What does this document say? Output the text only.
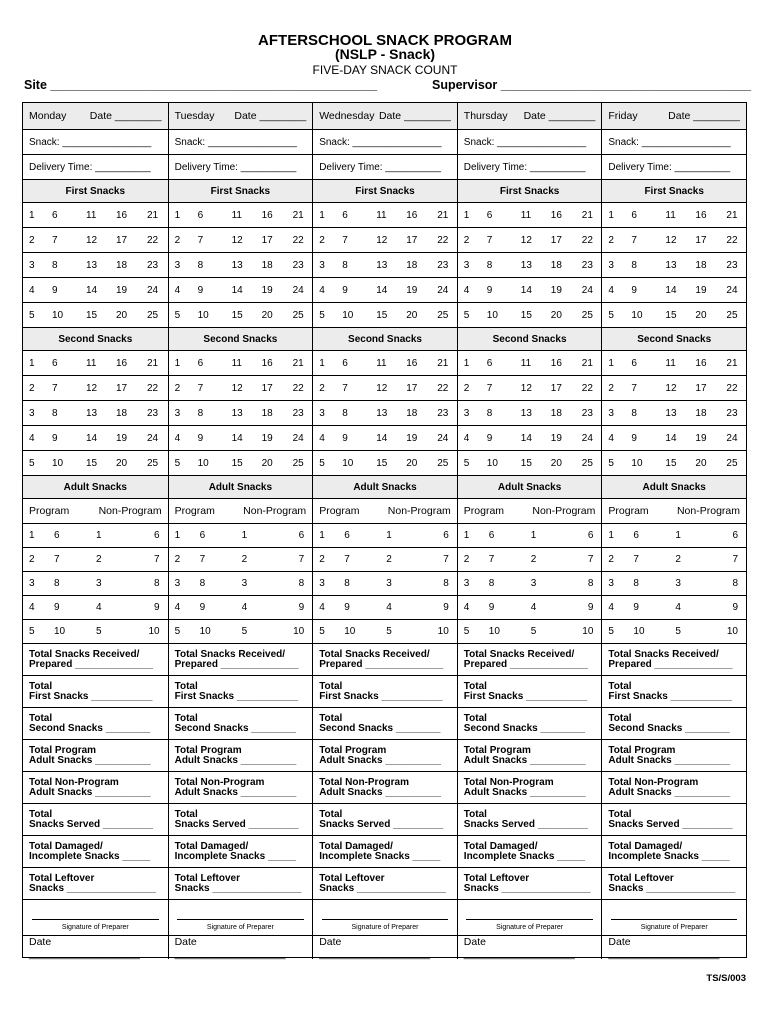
AFTERSCHOOL SNACK PROGRAM
(NSLP - Snack)
FIVE-DAY SNACK COUNT
Site _______________________________________________	Supervisor ____________________________________
Monday Date ________
Snack: ________________
Delivery Time: __________
First Snacks
1	6	11	16	21
2	7	12	17	22
3	8	13	18	23
4	9	14	19	24
5	10	15	20	25
Second Snacks
1	6	11	16	21
2	7	12	17	22
3	8	13	18	23
4	9	14	19	24
5	10	15	20	25
Adult Snacks
Program	Non-Program
1	6	1	6
2	7	2	7
3	8	3	8
4	9	4	9
5	10	5	10
Total Snacks Received/
Prepared ______________
Total
First Snacks ___________
Total
Second Snacks ________
Total Program
Adult Snacks __________
Total Non-Program
Adult Snacks __________
Total
Snacks Served _________
Total Damaged/
Incomplete Snacks _____
Total Leftover
Snacks ________________
Signature of Preparer
Date ___________________
Tuesday Date ________
Snack: ________________
Delivery Time: __________
First Snacks
1	6	11	16	21
2	7	12	17	22
3	8	13	18	23
4	9	14	19	24
5	10	15	20	25
Second Snacks
1	6	11	16	21
2	7	12	17	22
3	8	13	18	23
4	9	14	19	24
5	10	15	20	25
Adult Snacks
Program	Non-Program
1	6	1	6
2	7	2	7
3	8	3	8
4	9	4	9
5	10	5	10
Total Snacks Received/
Prepared ______________
Total
First Snacks ___________
Total
Second Snacks ________
Total Program
Adult Snacks __________
Total Non-Program
Adult Snacks __________
Total
Snacks Served _________
Total Damaged/
Incomplete Snacks _____
Total Leftover
Snacks ________________
Signature of Preparer
Date ___________________
Wednesday Date ________
Snack: ________________
Delivery Time: __________
First Snacks
1	6	11	16	21
2	7	12	17	22
3	8	13	18	23
4	9	14	19	24
5	10	15	20	25
Second Snacks
1	6	11	16	21
2	7	12	17	22
3	8	13	18	23
4	9	14	19	24
5	10	15	20	25
Adult Snacks
Program	Non-Program
1	6	1	6
2	7	2	7
3	8	3	8
4	9	4	9
5	10	5	10
Total Snacks Received/
Prepared ______________
Total
First Snacks ___________
Total
Second Snacks ________
Total Program
Adult Snacks __________
Total Non-Program
Adult Snacks __________
Total
Snacks Served _________
Total Damaged/
Incomplete Snacks _____
Total Leftover
Snacks ________________
Signature of Preparer
Date ___________________
Thursday Date ________
Snack: ________________
Delivery Time: __________
First Snacks
1	6	11	16	21
2	7	12	17	22
3	8	13	18	23
4	9	14	19	24
5	10	15	20	25
Second Snacks
1	6	11	16	21
2	7	12	17	22
3	8	13	18	23
4	9	14	19	24
5	10	15	20	25
Adult Snacks
Program	Non-Program
1	6	1	6
2	7	2	7
3	8	3	8
4	9	4	9
5	10	5	10
Total Snacks Received/
Prepared ______________
Total
First Snacks ___________
Total
Second Snacks ________
Total Program
Adult Snacks __________
Total Non-Program
Adult Snacks __________
Total
Snacks Served _________
Total Damaged/
Incomplete Snacks _____
Total Leftover
Snacks ________________
Signature of Preparer
Date ___________________
Friday	Date ________
Snack: ________________
Delivery Time: __________
First Snacks
1	6	11	16	21
2	7	12	17	22
3	8	13	18	23
4	9	14	19	24
5	10	15	20	25
Second Snacks
1	6	11	16	21
2	7	12	17	22
3	8	13	18	23
4	9	14	19	24
5	10	15	20	25
Adult Snacks
Program	Non-Program
1	6	1	6
2	7	2	7
3	8	3	8
4	9	4	9
5	10	5	10
Total Snacks Received/
Prepared ______________
Total
First Snacks ___________
Total
Second Snacks ________
Total Program
Adult Snacks __________
Total Non-Program
Adult Snacks __________
Total
Snacks Served _________
Total Damaged/
Incomplete Snacks _____
Total Leftover
Snacks ________________
Signature of Preparer
Date ___________________
TS/S/003
